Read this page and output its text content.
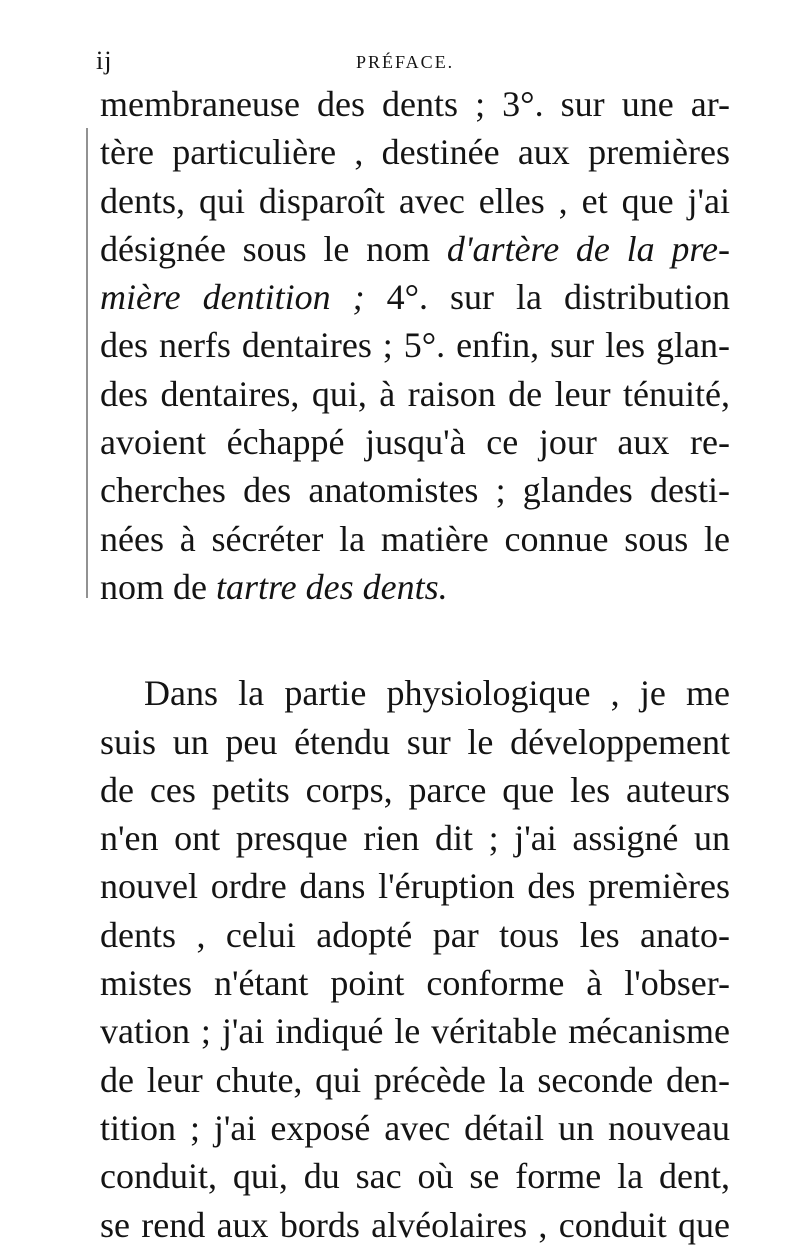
ij	PRÉFACE.
membraneuse des dents ; 3°. sur une ar-
tère particulière , destinée aux premières
dents, qui disparoît avec elles , et que j'ai
désignée sous le nom d'artère de la pre-
mière dentition ; 4°. sur la distribution
des nerfs dentaires ; 5°. enfin, sur les glan-
des dentaires, qui, à raison de leur ténuité,
avoient échappé jusqu'à ce jour aux re-
cherches des anatomistes ; glandes desti-
nées à sécréter la matière connue sous le
nom de tartre des dents.
Dans la partie physiologique , je me
suis un peu étendu sur le développement
de ces petits corps, parce que les auteurs
n'en ont presque rien dit ; j'ai assigné un
nouvel ordre dans l'éruption des premières
dents , celui adopté par tous les anato-
mistes n'étant point conforme à l'obser-
vation ; j'ai indiqué le véritable mécanisme
de leur chute, qui précède la seconde den-
tition ; j'ai exposé avec détail un nouveau
conduit, qui, du sac où se forme la dent,
se rend aux bords alvéolaires , conduit que
